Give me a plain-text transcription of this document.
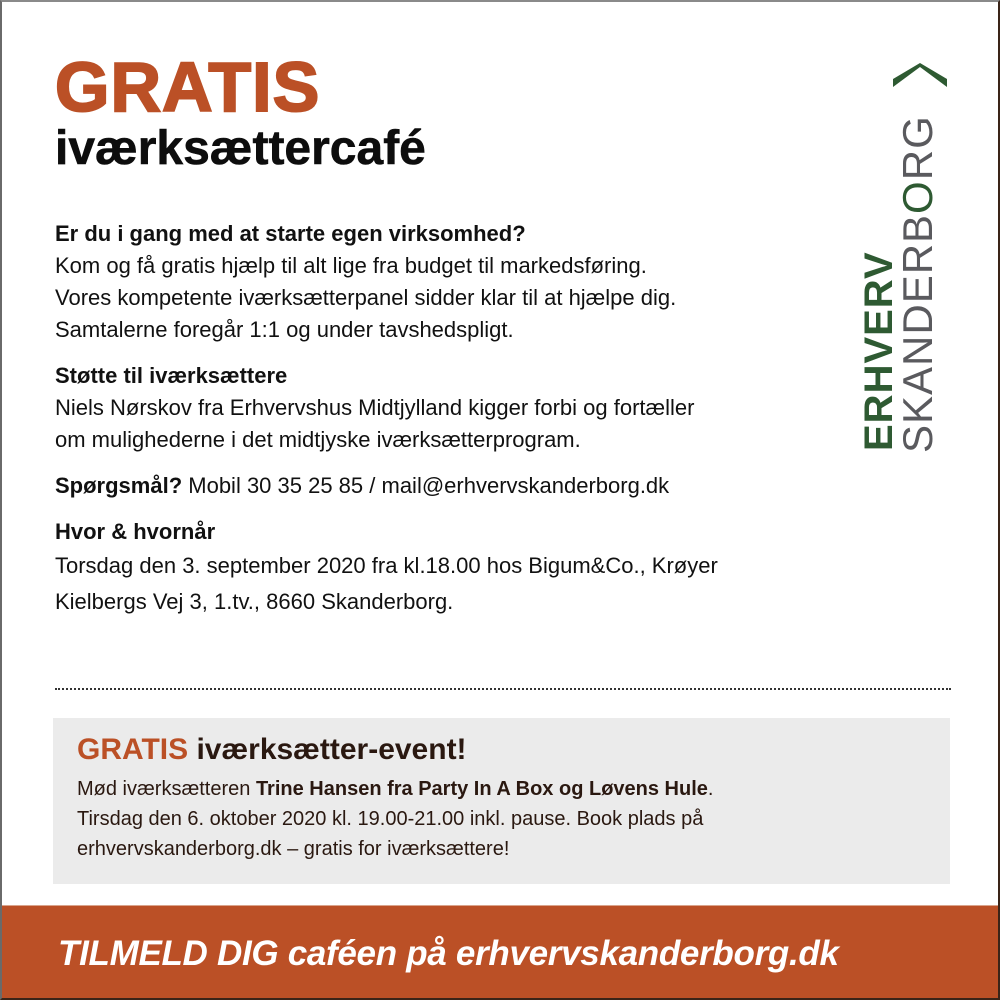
GRATIS
iværksættercafé
ERHVERV
SKANDERBORG

Er du i gang med at starte egen virksomhed?

Kom og få gratis hjælp til alt lige fra budget til markedsføring.

Vores kompetente iværksætterpanel sidder klar til at hjælpe dig.

Samtalerne foregår 1:1 og under tavshedspligt.

Støtte til iværksættere

Niels Nørskov fra Erhvervshus Midtjylland kigger forbi og fortæller

om mulighederne i det midtjyske iværksætterprogram.

Spørgsmål? Mobil 30 35 25 85 / mail@erhvervskanderborg.dk

Hvor & hvornår

Torsdag den 3. september 2020 fra kl.18.00 hos Bigum&Co., Krøyer

Kielbergs Vej 3, 1.tv., 8660 Skanderborg.

GRATIS iværksætter-event!
Mød iværksætteren Trine Hansen fra Party In A Box og Løvens Hule.
Tirsdag den 6. oktober 2020 kl. 19.00-21.00 inkl. pause. Book plads på
erhvervskanderborg.dk – gratis for iværksættere!
TILMELD DIG caféen på erhvervskanderborg.dk
